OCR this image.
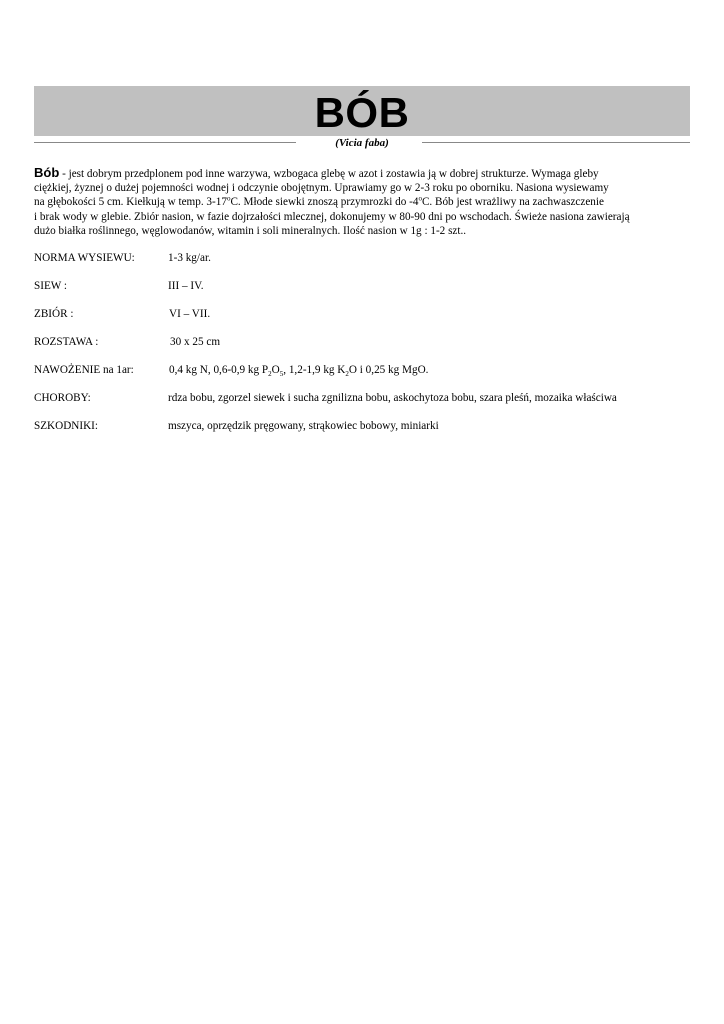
BÓB
(Vicia faba)
Bób - jest dobrym przedplonem pod inne warzywa, wzbogaca glebę w azot i zostawia ją w dobrej strukturze. Wymaga gleby
ciężkiej, żyznej o dużej pojemności wodnej i odczynie obojętnym. Uprawiamy go w 2-3 roku po oborniku. Nasiona wysiewamy
na głębokości 5 cm. Kiełkują w temp. 3-17$^o$C. Młode siewki znoszą przymrozki do -4$^o$C. Bób jest wrażliwy na zachwaszczenie
i brak wody w glebie. Zbiór nasion, w fazie dojrzałości mlecznej, dokonujemy w 80-90 dni po wschodach. Świeże nasiona zawierają
dużo białka roślinnego, węglowodanów, witamin i soli mineralnych. Ilość nasion w 1g : 1-2 szt..
NORMA WYSIEWU:	1-3 kg/ar.
SIEW :	III – IV.
ZBIÓR :	VI – VII.
ROZSTAWA :	30 x 25 cm
NAWOŻENIE na 1ar:	0,4 kg N, 0,6-0,9 kg $P_2O_5$, 1,2-1,9 kg $K_2O$ i 0,25 kg MgO.
CHOROBY:	rdza bobu, zgorzel siewek i sucha zgnilizna bobu, askochytoza bobu, szara pleśń, mozaika właściwa
SZKODNIKI:	mszyca, oprzędzik pręgowany, strąkowiec bobowy, miniarki
